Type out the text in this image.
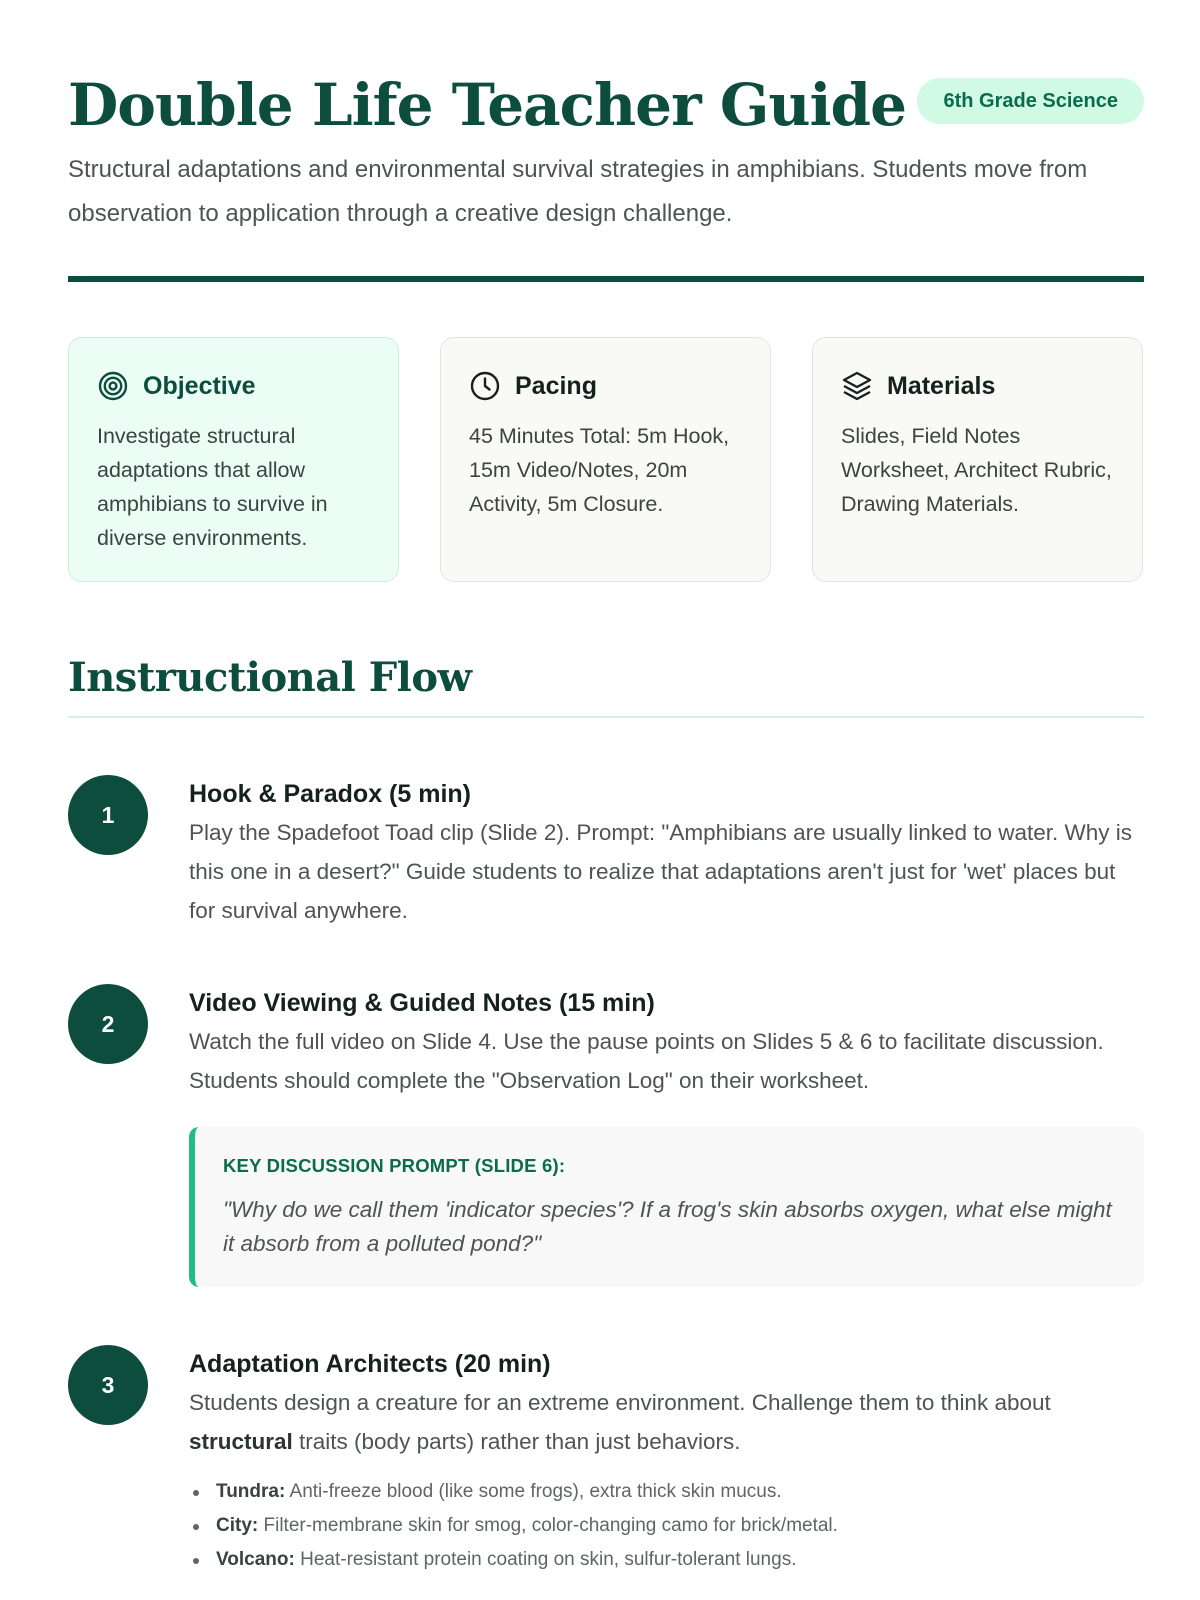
Double Life Teacher Guide	6th Grade Science

Structural adaptations and environmental survival strategies in amphibians. Students move from observation to application through a creative design challenge.

Objective

Investigate structural adaptations that allow amphibians to survive in diverse environments.

Pacing

45 Minutes Total: 5m Hook, 15m Video/Notes, 20m Activity, 5m Closure.

Materials

Slides, Field Notes Worksheet, Architect Rubric, Drawing Materials.

Instructional Flow
1
Hook & Paradox (5 min)

Play the Spadefoot Toad clip (Slide 2). Prompt: "Amphibians are usually linked to water. Why is this one in a desert?" Guide students to realize that adaptations aren't just for 'wet' places but for survival anywhere.

2
Video Viewing & Guided Notes (15 min)

Watch the full video on Slide 4. Use the pause points on Slides 5 & 6 to facilitate discussion. Students should complete the "Observation Log" on their worksheet.

KEY DISCUSSION PROMPT (SLIDE 6):

"Why do we call them 'indicator species'? If a frog's skin absorbs oxygen, what else might it absorb from a polluted pond?"

3
Adaptation Architects (20 min)

Students design a creature for an extreme environment. Challenge them to think about structural traits (body parts) rather than just behaviors.

Tundra: Anti-freeze blood (like some frogs), extra thick skin mucus.
City: Filter-membrane skin for smog, color-changing camo for brick/metal.
Volcano: Heat-resistant protein coating on skin, sulfur-tolerant lungs.
